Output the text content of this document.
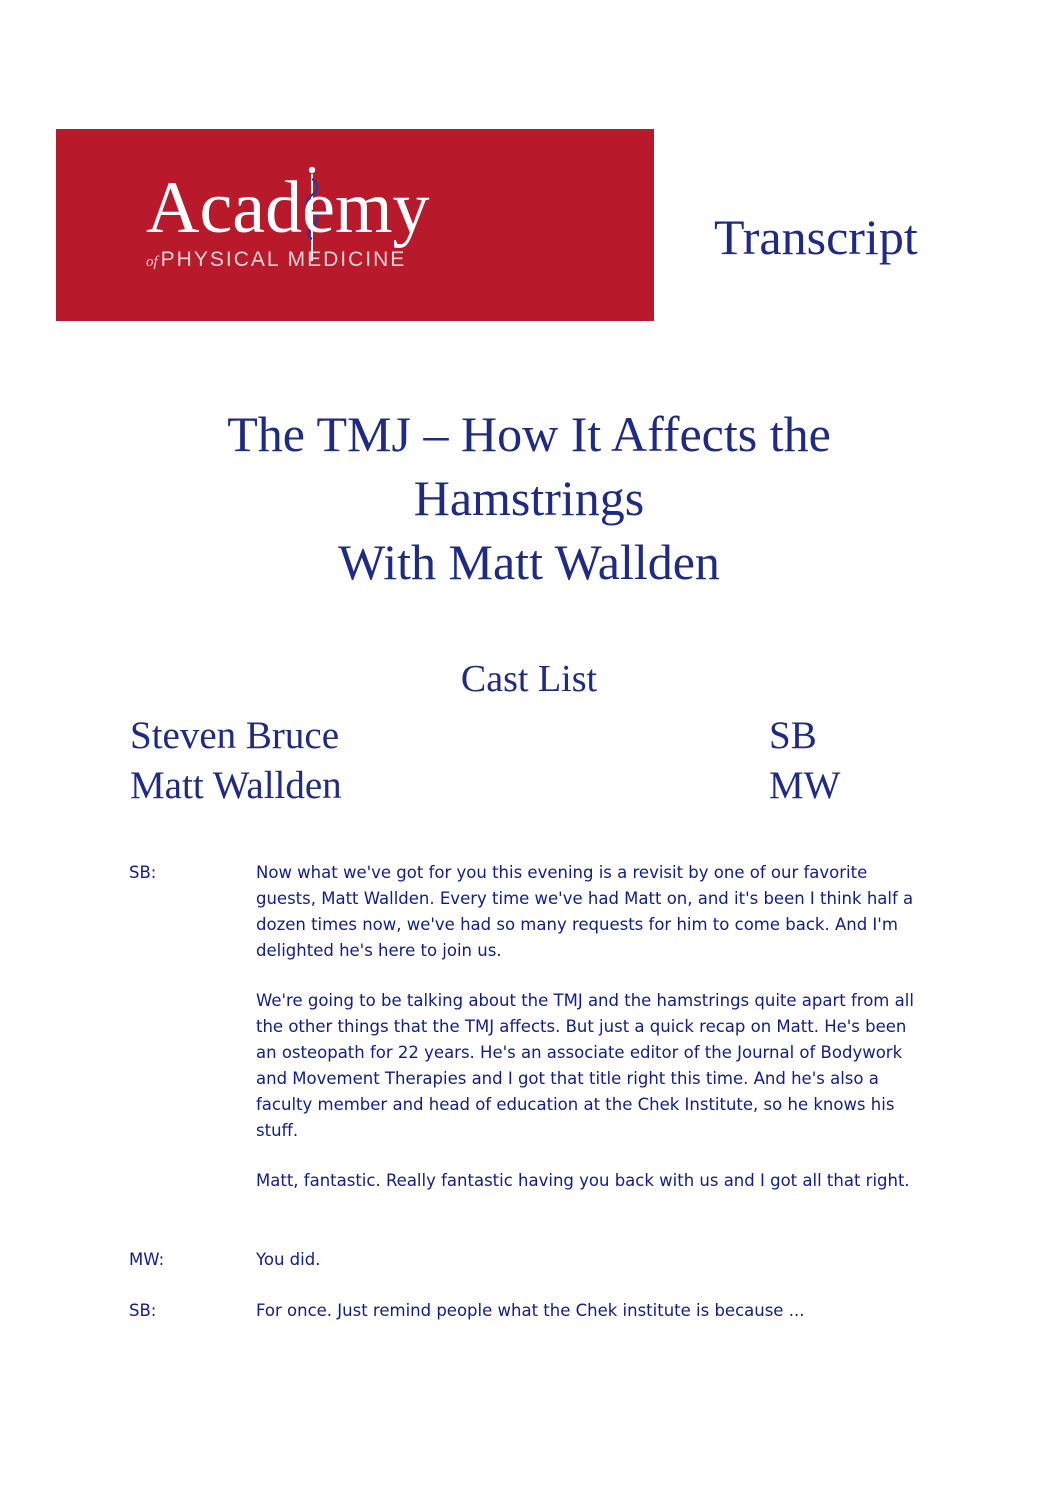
Academy
of PHYSICAL MEDICINE	Transcript
The TMJ – How It Affects the
Hamstrings
With Matt Wallden
Cast List
Steven Bruce	SB
Matt Wallden	MW
SB:	Now what we've got for you this evening is a revisit by one of our favorite guests, Matt Wallden. Every time we've had Matt on, and it's been I think half a dozen times now, we've had so many requests for him to come back. And I'm delighted he's here to join us.

We're going to be talking about the TMJ and the hamstrings quite apart from all the other things that the TMJ affects. But just a quick recap on Matt. He's been an osteopath for 22 years. He's an associate editor of the Journal of Bodywork and Movement Therapies and I got that title right this time. And he's also a faculty member and head of education at the Chek Institute, so he knows his stuff.

Matt, fantastic. Really fantastic having you back with us and I got all that right.

MW:	You did.

SB:	For once. Just remind people what the Chek institute is because ...
